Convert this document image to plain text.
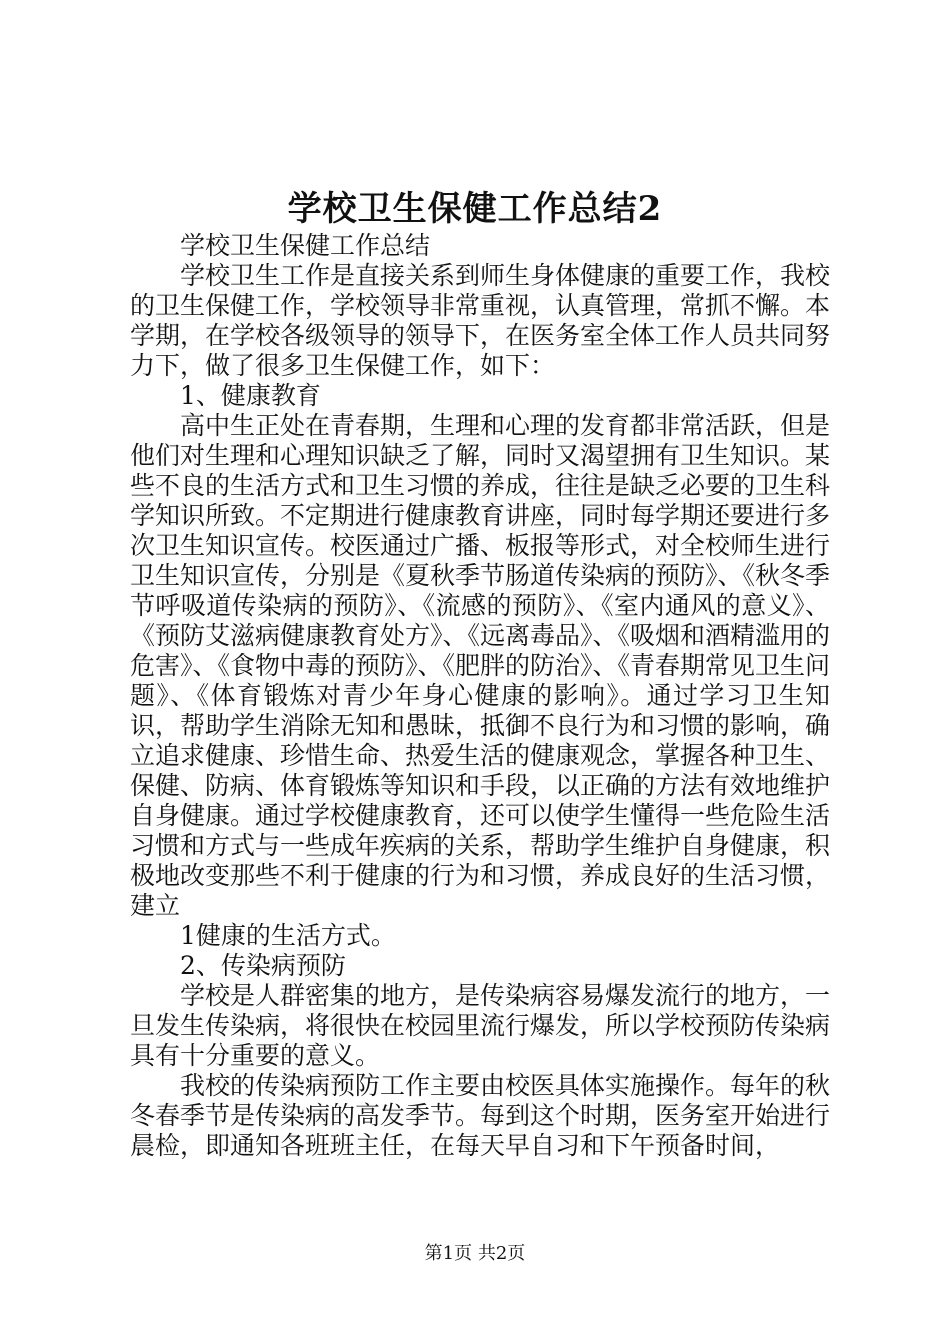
学校卫生保健工作总结2

学校卫生保健工作总结

学校卫生工作是直接关系到师生身体健康的重要工作，我校的卫生保健工作，学校领导非常重视，认真管理，常抓不懈。本学期，在学校各级领导的领导下，在医务室全体工作人员共同努力下，做了很多卫生保健工作，如下：

1、健康教育

高中生正处在青春期，生理和心理的发育都非常活跃，但是他们对生理和心理知识缺乏了解，同时又渴望拥有卫生知识。某些不良的生活方式和卫生习惯的养成，往往是缺乏必要的卫生科学知识所致。不定期进行健康教育讲座，同时每学期还要进行多次卫生知识宣传。校医通过广播、板报等形式，对全校师生进行卫生知识宣传，分别是《夏秋季节肠道传染病的预防》、《秋冬季节呼吸道传染病的预防》、《流感的预防》、《室内通风的意义》、《预防艾滋病健康教育处方》、《远离毒品》、《吸烟和酒精滥用的危害》、《食物中毒的预防》、《肥胖的防治》、《青春期常见卫生问题》、《体育锻炼对青少年身心健康的影响》。通过学习卫生知识，帮助学生消除无知和愚昧，抵御不良行为和习惯的影响，确立追求健康、珍惜生命、热爱生活的健康观念，掌握各种卫生、保健、防病、体育锻炼等知识和手段，以正确的方法有效地维护自身健康。通过学校健康教育，还可以使学生懂得一些危险生活习惯和方式与一些成年疾病的关系，帮助学生维护自身健康，积极地改变那些不利于健康的行为和习惯，养成良好的生活习惯，建立

1健康的生活方式。

2、传染病预防

学校是人群密集的地方，是传染病容易爆发流行的地方，一旦发生传染病，将很快在校园里流行爆发，所以学校预防传染病具有十分重要的意义。

我校的传染病预防工作主要由校医具体实施操作。每年的秋冬春季节是传染病的高发季节。每到这个时期，医务室开始进行晨检，即通知各班班主任，在每天早自习和下午预备时间，

第1页 共2页
